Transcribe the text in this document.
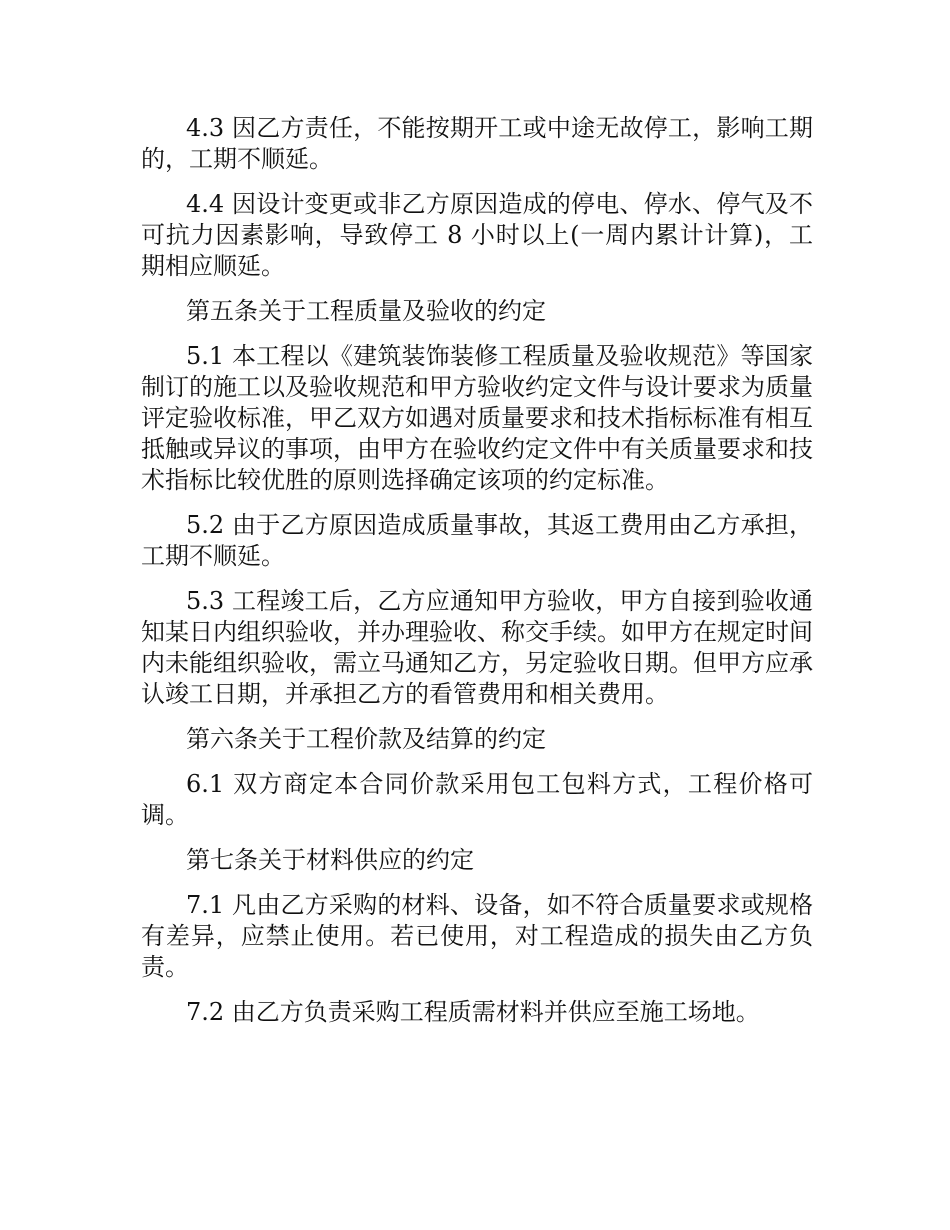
4.3 因乙方责任，不能按期开工或中途无故停工，影响工期的，工期不顺延。

4.4 因设计变更或非乙方原因造成的停电、停水、停气及不可抗力因素影响，导致停工 8 小时以上(一周内累计计算)，工期相应顺延。

第五条关于工程质量及验收的约定

5.1 本工程以《建筑装饰装修工程质量及验收规范》等国家制订的施工以及验收规范和甲方验收约定文件与设计要求为质量评定验收标准，甲乙双方如遇对质量要求和技术指标标准有相互抵触或异议的事项，由甲方在验收约定文件中有关质量要求和技术指标比较优胜的原则选择确定该项的约定标准。

5.2 由于乙方原因造成质量事故，其返工费用由乙方承担，工期不顺延。

5.3 工程竣工后，乙方应通知甲方验收，甲方自接到验收通知某日内组织验收，并办理验收、称交手续。如甲方在规定时间内未能组织验收，需立马通知乙方，另定验收日期。但甲方应承认竣工日期，并承担乙方的看管费用和相关费用。

第六条关于工程价款及结算的约定

6.1 双方商定本合同价款采用包工包料方式，工程价格可调。

第七条关于材料供应的约定

7.1 凡由乙方采购的材料、设备，如不符合质量要求或规格有差异，应禁止使用。若已使用，对工程造成的损失由乙方负责。

7.2 由乙方负责采购工程质需材料并供应至施工场地。
